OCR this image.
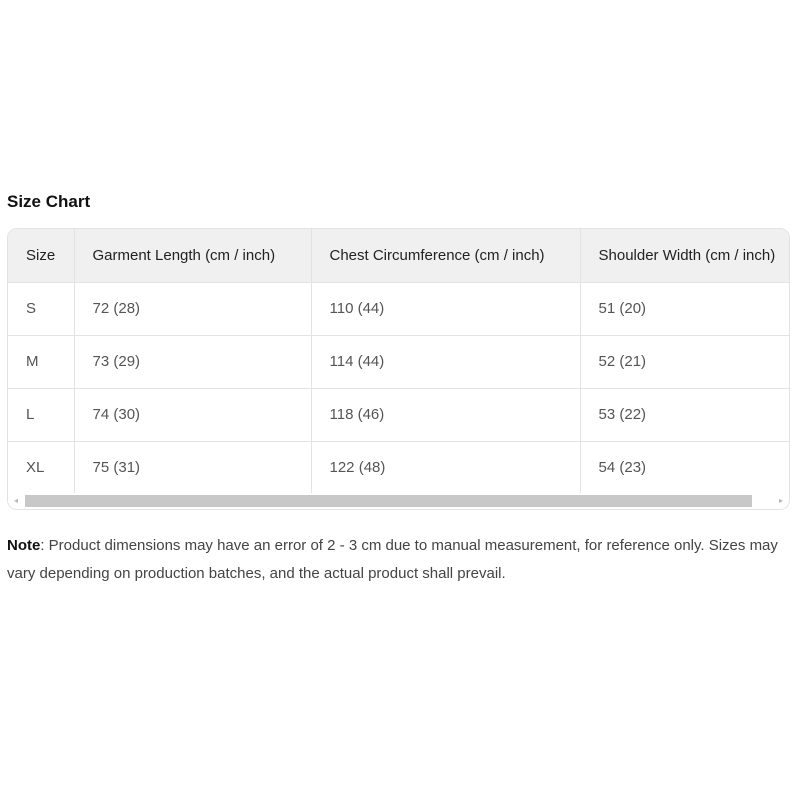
Size Chart
Size	Garment Length (cm / inch)	Chest Circumference (cm / inch)	Shoulder Width (cm / inch)
S	72 (28)	110 (44)	51 (20)
M	73 (29)	114 (44)	52 (21)
L	74 (30)	118 (46)	53 (22)
XL	75 (31)	122 (48)	54 (23)
◂	▸

Note: Product dimensions may have an error of 2 - 3 cm due to manual measurement, for reference only. Sizes may vary depending on production batches, and the actual product shall prevail.
